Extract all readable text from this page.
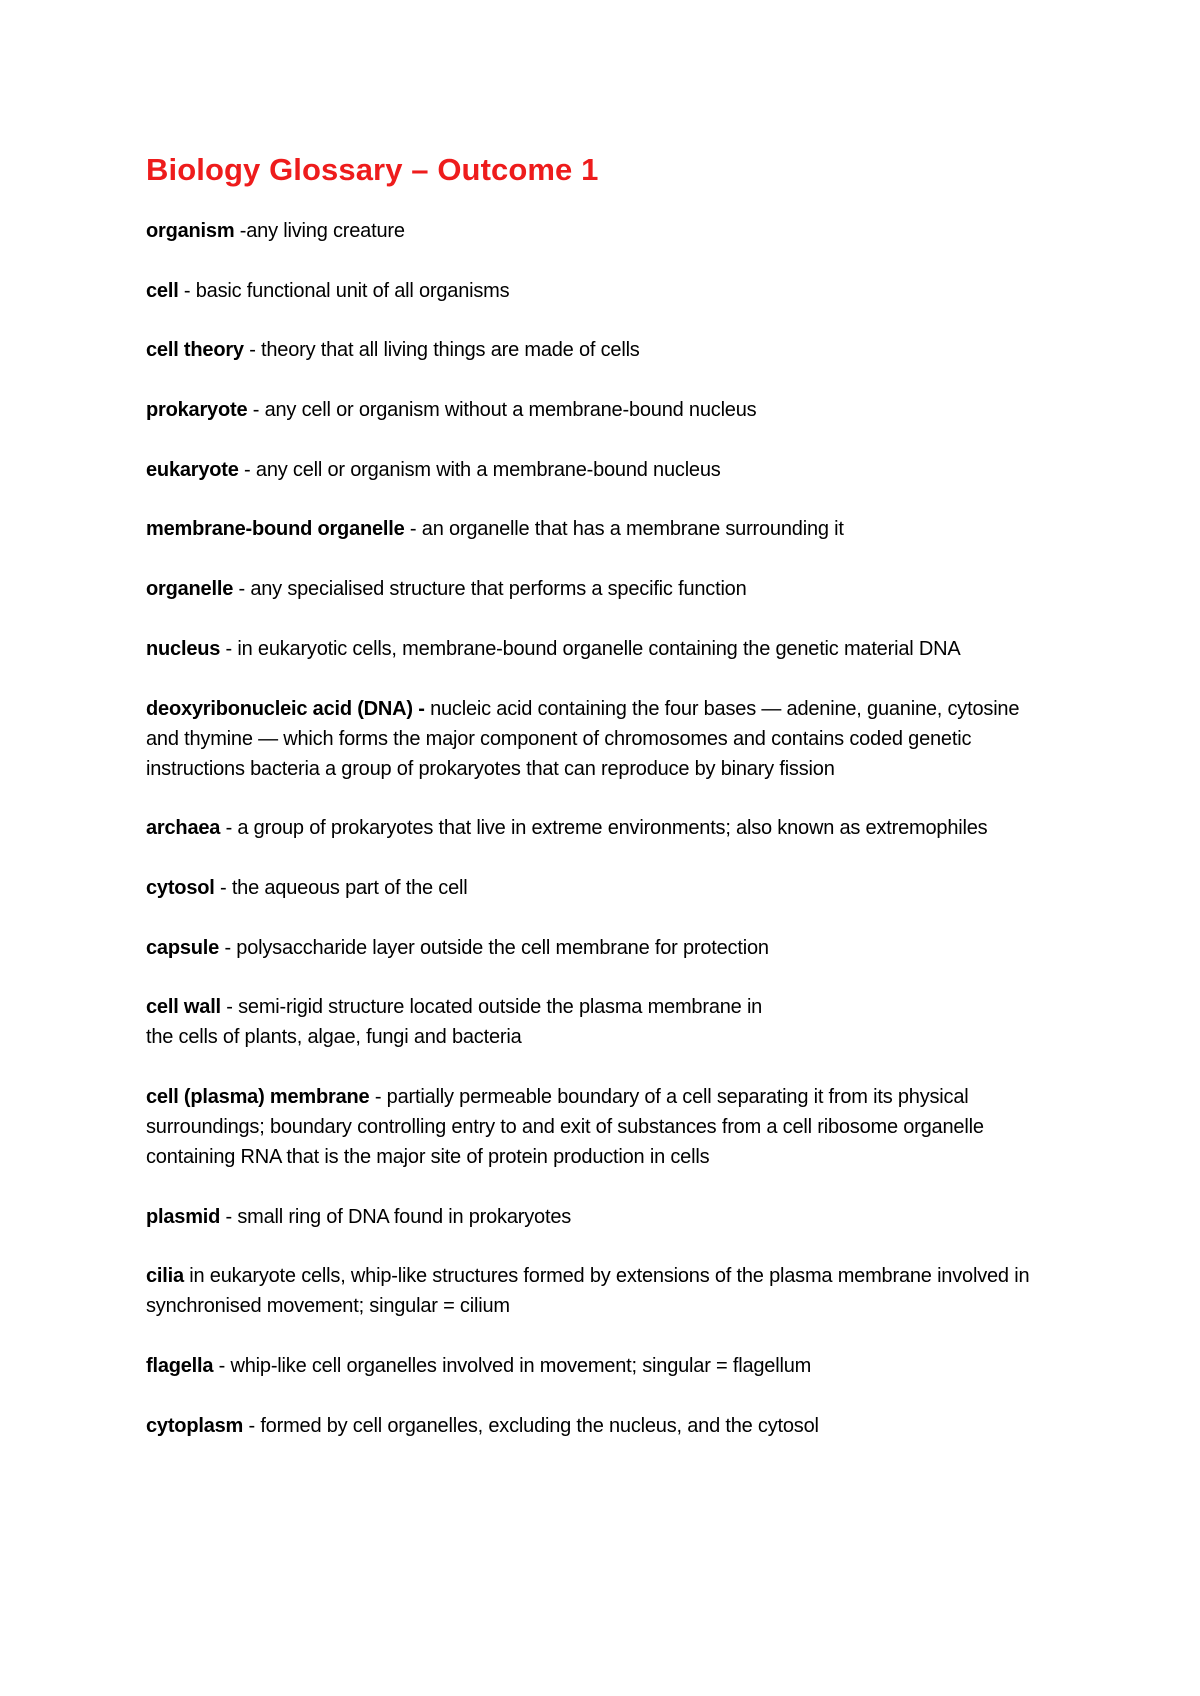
Biology Glossary – Outcome 1

organism -any living creature

cell - basic functional unit of all organisms

cell theory - theory that all living things are made of cells

prokaryote - any cell or organism without a membrane-bound nucleus

eukaryote - any cell or organism with a membrane-bound nucleus

membrane-bound organelle - an organelle that has a membrane surrounding it

organelle - any specialised structure that performs a specific function

nucleus - in eukaryotic cells, membrane-bound organelle containing the genetic material DNA

deoxyribonucleic acid (DNA) - nucleic acid containing the four bases — adenine, guanine, cytosine and thymine — which forms the major component of chromosomes and contains coded genetic instructions bacteria a group of prokaryotes that can reproduce by binary fission

archaea - a group of prokaryotes that live in extreme environments; also known as extremophiles

cytosol - the aqueous part of the cell

capsule - polysaccharide layer outside the cell membrane for protection

cell wall - semi-rigid structure located outside the plasma membrane in
the cells of plants, algae, fungi and bacteria

cell (plasma) membrane - partially permeable boundary of a cell separating it from its physical surroundings; boundary controlling entry to and exit of substances from a cell ribosome organelle containing RNA that is the major site of protein production in cells

plasmid - small ring of DNA found in prokaryotes

cilia in eukaryote cells, whip-like structures formed by extensions of the plasma membrane involved in synchronised movement; singular = cilium

flagella - whip-like cell organelles involved in movement; singular = flagellum

cytoplasm - formed by cell organelles, excluding the nucleus, and the cytosol
